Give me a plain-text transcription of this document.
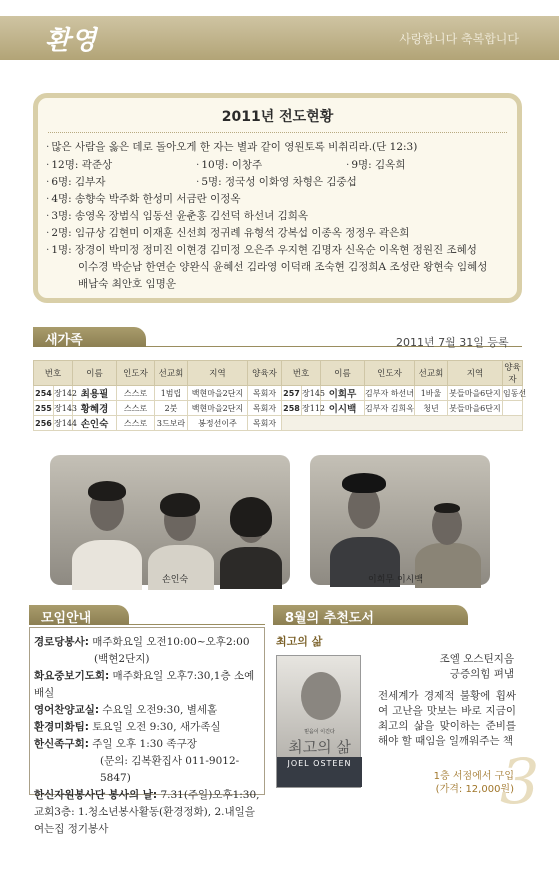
환영	사랑합니다 축복합니다
2011년 전도현황
· 많은 사람을 옳은 데로 돌아오게 한 자는 별과 같이 영원토록 비취리라.(단 12:3)
· 12명: 곽준상	· 10명: 이창주	· 9명: 김옥희
· 6명: 김부자	· 5명: 정국성 이화영 차형은 김중섭
· 4명: 송향숙 박주화 한성미 서금란 이정옥
· 3명: 송영옥 장범식 임동선 윤춘홍 김선덕 하선녀 김희옥
· 2명: 임규상 김현미 이재훈 신선희 정귀례 유형석 강복섭 이종옥 정정우 곽은희
· 1명: 장경이 박미정 정미진 이현경 김미정 오은주 우지현 김명자 신옥순 이옥현 정원진 조혜성
이수경 박순남 한연순 양완식 윤혜선 김라영 이덕래 조숙현 김정희A 조성란 왕현숙 임혜성
배남숙 최안호 임명운
새가족	2011년 7월 31일 등록
번호		이름	인도자	선교회	지역	양육자	번호		이름	인도자	선교회	지역	양육자
254	장142	최용필	스스로	1범립	백현마을2단지	목회자	257	장145	이희무	김부자 하선녀	1바울	봇들마을6단지	임동선
255	장143	황혜경	스스로	2붓	백현마을2단지	목회자	258	장112	이시백	김부자 김희옥	청년	봇들마을6단지	
256	장144	손인숙	스스로	3드보라	봉정선이주	목회자							
손인숙	이희무 이시백
모임안내
경로당봉사: 매주화요일 오전10:00~오후2:00
(백현2단지)
화요중보기도회: 매주화요일 오후7:30,1층 소예배실
영어찬양교실: 수요일 오전9:30, 별세홀
환경미화팀: 토요일 오전 9:30, 새가족실
한신족구회: 주일 오후 1:30 족구장
(문의: 김복환집사 011-9012-5847)
한신자원봉사단 봉사의 날: 7.31(주일)오후1:30,
교회3층: 1.청소년봉사활동(환경정화), 2.내일을
여는집 정기봉사
8월의 추천도서
최고의 삶
믿음이 이긴다
최고의 삶
JOEL OSTEEN
조엘 오스틴지음
긍증의힘 펴냄
전세계가 경제적 불황에 휩싸여 고난을 맛보는 바로 지금이 최고의 삶을 맞이하는 준비를 해야 할 때임을 일깨워주는 책
1층 서점에서 구입
(가격: 12,000원)
3
